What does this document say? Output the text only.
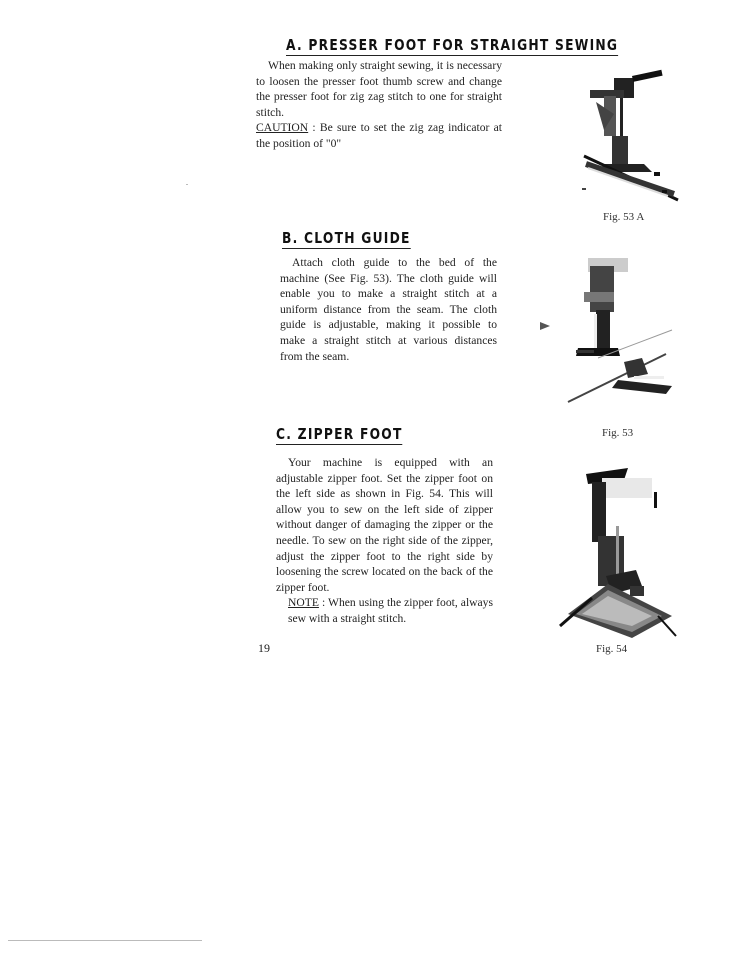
A. PRESSER FOOT FOR STRAIGHT SEWING

When making only straight sewing, it is necessary to loosen the presser foot thumb screw and change the presser foot for zig zag stitch to one for straight stitch.

CAUTION : Be sure to set the zig zag indicator at the position of "0"

Fig. 53 A

B. CLOTH GUIDE

Attach cloth guide to the bed of the machine (See Fig. 53). The cloth guide will enable you to make a straight stitch at a uniform distance from the seam. The cloth guide is adjustable, making it possible to make a straight stitch at various distances from the seam.

Fig. 53

C. ZIPPER FOOT

Your machine is equipped with an adjustable zipper foot. Set the zipper foot on the left side as shown in Fig. 54. This will allow you to sew on the left side of zipper without danger of damaging the zipper or the needle. To sew on the right side of the zipper, adjust the zipper foot to the right side by loosening the screw located on the back of the zipper foot.

NOTE : When using the zipper foot, always sew with a straight stitch.

Fig. 54

19
